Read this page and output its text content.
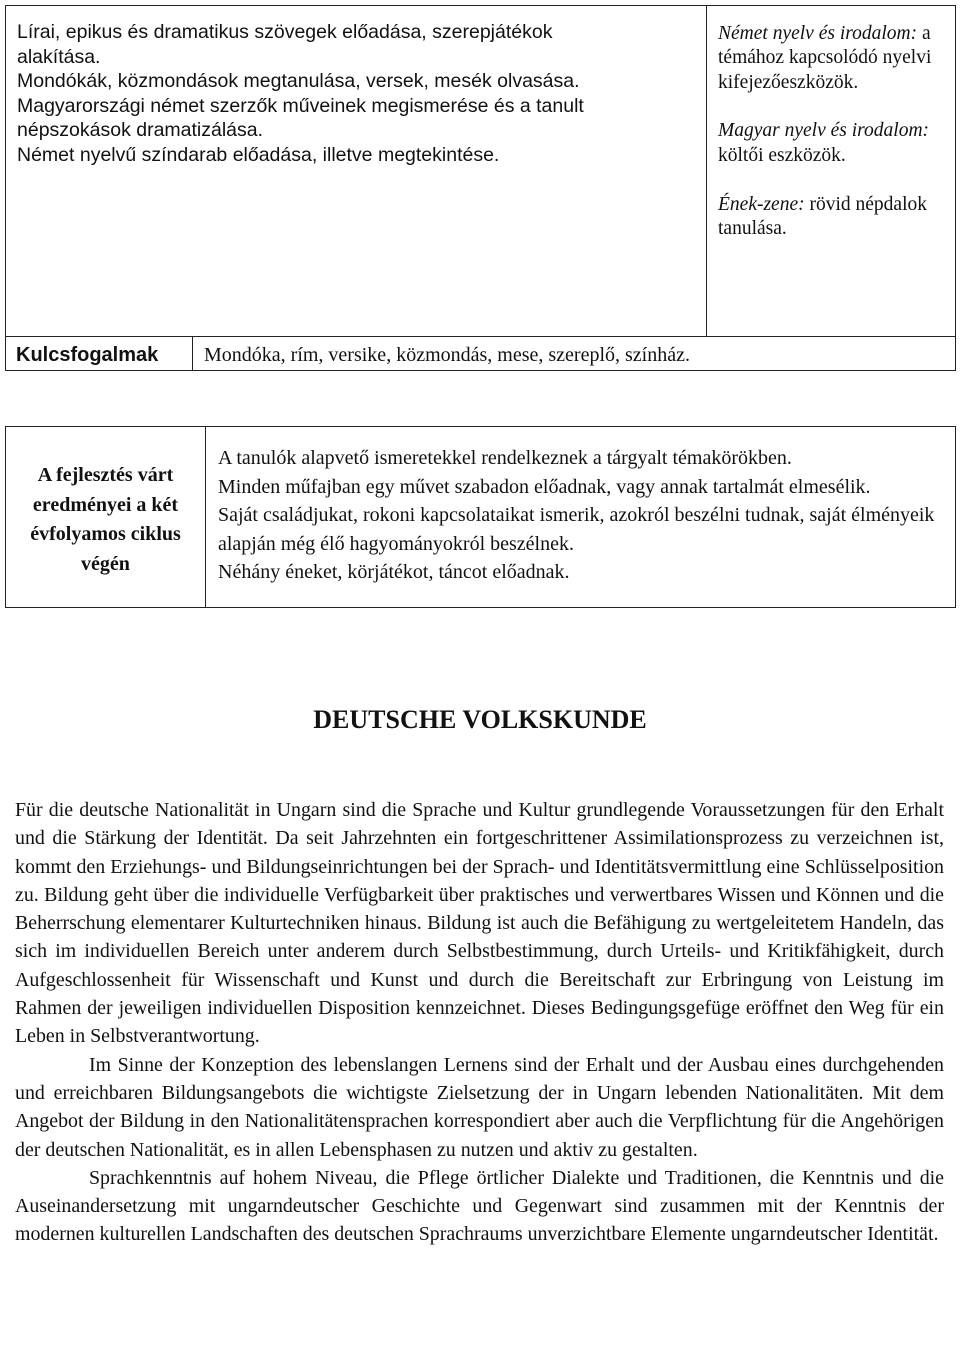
Lírai, epikus és dramatikus szövegek előadása, szerepjátékok
alakítása.
Mondókák, közmondások megtanulása, versek, mesék olvasása.
Magyarországi német szerzők műveinek megismerése és a tanult
népszokások dramatizálása.
Német nyelvű színdarab előadása, illetve megtekintése.

Német nyelv és irodalom: a témához kapcsolódó nyelvi kifejezőeszközök.

Magyar nyelv és irodalom: költői eszközök.

Ének-zene: rövid népdalok tanulása.

Kulcsfogalmak Mondóka, rím, versike, közmondás, mese, szereplő, színház.
A fejlesztés várt eredményei a két évfolyamos ciklus végén
A tanulók alapvető ismeretekkel rendelkeznek a tárgyalt témakörökben.
Minden műfajban egy művet szabadon előadnak, vagy annak tartalmát elmesélik.
Saját családjukat, rokoni kapcsolataikat ismerik, azokról beszélni tudnak, saját élményeik alapján még élő hagyományokról beszélnek.
Néhány éneket, körjátékot, táncot előadnak.
DEUTSCHE VOLKSKUNDE

Für die deutsche Nationalität in Ungarn sind die Sprache und Kultur grundlegende Voraussetzungen für den Erhalt und die Stärkung der Identität. Da seit Jahrzehnten ein fortgeschrittener Assimilationsprozess zu verzeichnen ist, kommt den Erziehungs- und Bildungseinrichtungen bei der Sprach- und Identitätsvermittlung eine Schlüsselposition zu. Bildung geht über die individuelle Verfügbarkeit über praktisches und verwertbares Wissen und Können und die Beherrschung elementarer Kulturtechniken hinaus. Bildung ist auch die Befähigung zu wertgeleitetem Handeln, das sich im individuellen Bereich unter anderem durch Selbstbestimmung, durch Urteils- und Kritikfähigkeit, durch Aufgeschlossenheit für Wissenschaft und Kunst und durch die Bereitschaft zur Erbringung von Leistung im Rahmen der jeweiligen individuellen Disposition kennzeichnet. Dieses Bedingungsgefüge eröffnet den Weg für ein Leben in Selbstverantwortung.

Im Sinne der Konzeption des lebenslangen Lernens sind der Erhalt und der Ausbau eines durchgehenden und erreichbaren Bildungsangebots die wichtigste Zielsetzung der in Ungarn lebenden Nationalitäten. Mit dem Angebot der Bildung in den Nationalitätensprachen korrespondiert aber auch die Verpflichtung für die Angehörigen der deutschen Nationalität, es in allen Lebensphasen zu nutzen und aktiv zu gestalten.

Sprachkenntnis auf hohem Niveau, die Pflege örtlicher Dialekte und Traditionen, die Kenntnis und die Auseinandersetzung mit ungarndeutscher Geschichte und Gegenwart sind zusammen mit der Kenntnis der modernen kulturellen Landschaften des deutschen Sprachraums unverzichtbare Elemente ungarndeutscher Identität.
